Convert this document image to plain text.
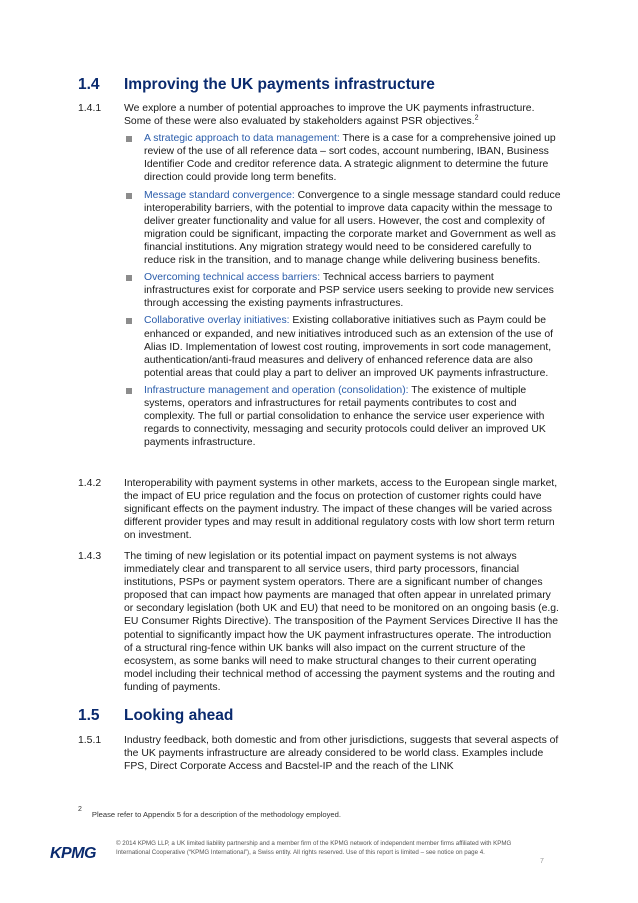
1.4	Improving the UK payments infrastructure
1.4.1	We explore a number of potential approaches to improve the UK payments infrastructure. Some of these were also evaluated by stakeholders against PSR objectives.$^2$
A strategic approach to data management: There is a case for a comprehensive joined up review of the use of all reference data – sort codes, account numbering, IBAN, Business Identifier Code and creditor reference data. A strategic alignment to determine the future direction could provide long term benefits.
Message standard convergence: Convergence to a single message standard could reduce interoperability barriers, with the potential to improve data capacity within the message to deliver greater functionality and value for all users. However, the cost and complexity of migration could be significant, impacting the corporate market and Government as well as financial institutions. Any migration strategy would need to be considered carefully to reduce risk in the transition, and to manage change while delivering business benefits.
Overcoming technical access barriers: Technical access barriers to payment infrastructures exist for corporate and PSP service users seeking to provide new services through accessing the existing payments infrastructures.
Collaborative overlay initiatives: Existing collaborative initiatives such as Paym could be enhanced or expanded, and new initiatives introduced such as an extension of the use of Alias ID. Implementation of lowest cost routing, improvements in sort code management, authentication/anti-fraud measures and delivery of enhanced reference data are also potential areas that could play a part to deliver an improved UK payments infrastructure.
Infrastructure management and operation (consolidation): The existence of multiple systems, operators and infrastructures for retail payments contributes to cost and complexity. The full or partial consolidation to enhance the service user experience with regards to connectivity, messaging and security protocols could deliver an improved UK payments infrastructure.
1.4.2	Interoperability with payment systems in other markets, access to the European single market, the impact of EU price regulation and the focus on protection of customer rights could have significant effects on the payment industry. The impact of these changes will be varied across different provider types and may result in additional regulatory costs with low short term return on investment.
1.4.3	The timing of new legislation or its potential impact on payment systems is not always immediately clear and transparent to all service users, third party processors, financial institutions, PSPs or payment system operators. There are a significant number of changes proposed that can impact how payments are managed that often appear in unrelated primary or secondary legislation (both UK and EU) that need to be monitored on an ongoing basis (e.g. EU Consumer Rights Directive). The transposition of the Payment Services Directive II has the potential to significantly impact how the UK payment infrastructures operate. The introduction of a structural ring-fence within UK banks will also impact on the current structure of the ecosystem, as some banks will need to make structural changes to their current operating model including their technical method of accessing the payment systems and the routing and funding of payments.
1.5	Looking ahead
1.5.1	Industry feedback, both domestic and from other jurisdictions, suggests that several aspects of the UK payments infrastructure are already considered to be world class. Examples include FPS, Direct Corporate Access and Bacstel-IP and the reach of the LINK
2
Please refer to Appendix 5 for a description of the methodology employed.
KPMG
© 2014 KPMG LLP, a UK limited liability partnership and a member firm of the KPMG network of independent member firms affiliated with KPMG International Cooperative (“KPMG International”), a Swiss entity. All rights reserved. Use of this report is limited – see notice on page 4.
7
